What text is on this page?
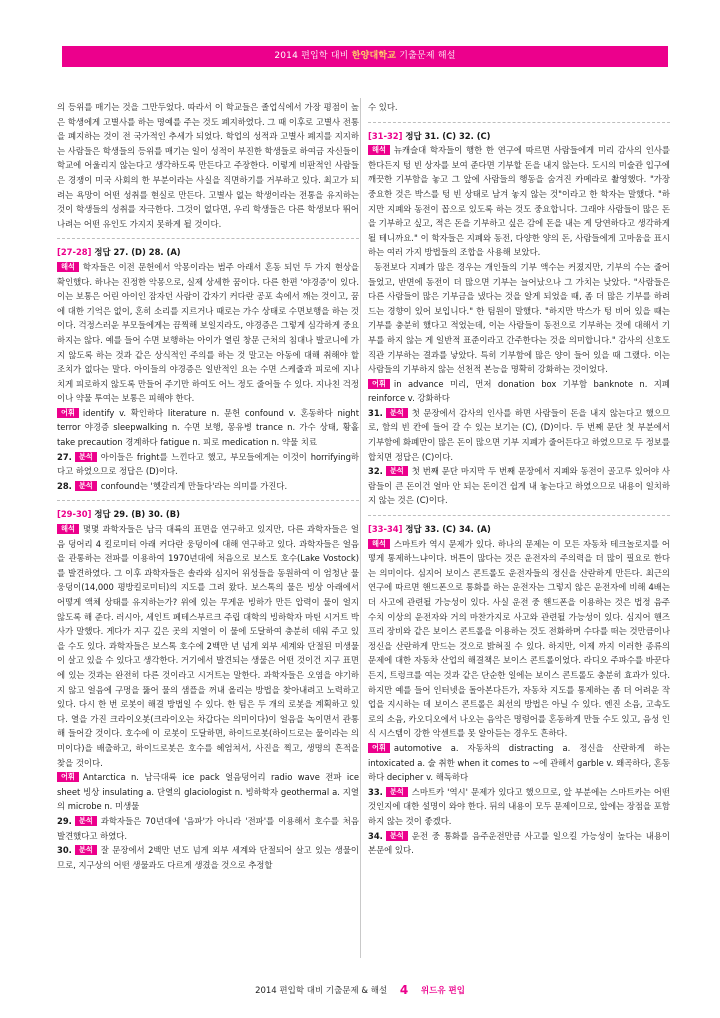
2014 편입학 대비 한양대학교 기출문제 해설

의 등위를 매기는 것을 그만두었다. 따라서 이 학교들은 졸업식에서 가장 평점이 높은 학생에게 고별사를 하는 명예를 주는 것도 폐지하였다. 그 때 이후로 고별사 전통을 폐지하는 것이 전 국가적인 추세가 되었다. 학업의 성적과 고별사 폐지를 지지하는 사람들은 학생들의 등위를 매기는 일이 성적이 부진한 학생들로 하여금 자신들이 학교에 어울리지 않는다고 생각하도록 만든다고 주장한다. 이렇게 비판적인 사람들은 경쟁이 미국 사회의 한 부분이라는 사실을 직면하기를 거부하고 있다. 최고가 되려는 욕망이 어떤 성취를 현실로 만든다. 고별사 없는 학생이라는 전통을 유지하는 것이 학생들의 성취를 자극한다. 그것이 없다면, 우리 학생들은 다른 학생보다 뛰어나려는 어떤 유인도 가지지 못하게 될 것이다.

[27-28] 정답 27. (D) 28. (A)

해석 학자들은 이전 문헌에서 악몽이라는 범주 아래서 혼동 되던 두 가지 현상을 확인했다. 하나는 진정한 악몽으로, 실제 상세한 꿈이다. 다른 한편 '야경증'이 있다. 이는 보통은 어린 아이인 잠자던 사람이 갑자기 커다란 공포 속에서 깨는 것이고, 꿈에 대한 기억은 없이, 혼히 소리를 지르거나 때로는 가수 상태로 수면보행을 하는 것이다. 걱정스러운 부모들에게는 끔찍해 보일지라도, 야경증은 그렇게 심각하게 중요하지는 않다. 예를 들어 수면 보행하는 아이가 열린 창문 근처의 침대나 발코니에 가지 않도록 하는 것과 같은 상식적인 주의를 하는 것 말고는 아동에 대해 취해야 할 조치가 없다는 말다. 아이들의 야경증은 일반적인 요는 수면 스케줄과 피로에 지나치게 피로하지 않도록 만들어 주기만 하여도 어느 정도 줄어들 수 있다. 지나친 걱정이나 약물 투여는 보통은 피해야 한다.

어휘 identify v. 확인하다 literature n. 문헌 confound v. 혼동하다 night terror 야경증 sleepwalking n. 수면 보행, 몽유병 trance n. 가수 상태, 황홀 take precaution 경계하다 fatigue n. 피로 medication n. 약물 치료

27. 분석 아이들은 fright를 느낀다고 했고, 부모들에게는 이것이 horrifying하다고 하였으므로 정답은 (D)이다.

28. 분석 confound는 '헷갈리게 만들다'라는 의미를 가진다.

[29-30] 정답 29. (B) 30. (B)

해석 몇몇 과학자들은 남극 대륙의 표면을 연구하고 있지만, 다른 과학자들은 얼음 덩어리 4 킬로미터 아래 커다란 웅덩이에 대해 연구하고 있다. 과학자들은 얼음을 관통하는 전파를 이용하여 1970년대에 처음으로 보스토 호수(Lake Vostock)를 발견하였다. 그 이후 과학자들은 솔라와 심지어 위성들을 동원하여 이 엄청난 물웅덩이(14,000 평방킬로미터)의 지도를 그려 왔다. 보스톡의 물은 빙상 아래에서 어떻게 액체 상태를 유지하는가? 위에 있는 무게운 빙하가 만든 압력이 물이 얼지 않도록 해 준다. 러시아, 세인트 페테스부르크 주립 대학의 빙하학자 마틴 시거트 박사가 말했다. 게다가 지구 깊은 곳의 지열이 이 물에 도달하여 충분히 데워 주고 있을 수도 있다. 과학자들은 보스톡 호수에 2백만 년 넘게 외부 세계와 단절된 미생물이 살고 있을 수 있다고 생각한다. 거기에서 발견되는 생물은 어떤 것이건 지구 표면에 있는 것과는 완전히 다른 것이라고 시거트는 말한다. 과학자들은 오염을 야기하지 않고 얼음에 구멍을 뚫어 물의 샘플을 꺼내 올리는 방법을 찾아내려고 노력하고 있다. 다시 한 번 로봇이 해결 방법일 수 있다. 한 팀은 두 개의 로봇을 계획하고 있다. 열을 가진 크라이오봇(크라이오는 차갑다는 의미이다)이 얼음을 녹이면서 관통해 들어갈 것이다. 호수에 이 로봇이 도달하면, 하이드로봇(하이드로는 물이라는 의미이다)을 배출하고, 하이드로봇은 호수를 헤엄쳐서, 사진을 찍고, 생명의 흔적을 찾을 것이다.

어휘 Antarctica n. 남극대륙 ice pack 얼음덩어리 radio wave 전파 ice sheet 빙상 insulating a. 단열의 glaciologist n. 빙하학자 geothermal a. 지열의 microbe n. 미생물

29. 분석 과학자들은 70년대에 '음파'가 아니라 '전파'를 이용해서 호수를 처음 발견했다고 하였다.

30. 분석 잘 문장에서 2백만 년도 넘게 외부 세계와 단절되어 살고 있는 생물이므로, 지구상의 어떤 생물과도 다르게 생겼을 것으로 추정할

수 있다.

[31-32] 정답 31. (C) 32. (C)

해석 뉴캐슬대 학자들이 행한 한 연구에 따르면 사람들에게 미리 감사의 인사를 한다든지 텅 빈 상자를 보여 준다면 기부할 돈을 내지 않는다. 도시의 미술관 입구에 깨끗한 기부함을 놓고 그 앞에 사람들의 행동을 숨겨진 카메라로 촬영했다. "가장 중요한 것은 박스를 텅 빈 상태로 남겨 놓지 않는 것"이라고 한 학자는 말했다. "하지만 지폐와 동전이 꼽으로 있도록 하는 것도 중요합니다. 그래야 사람들이 많은 돈을 기부하고 싶고, 적은 돈을 기부하고 싶은 감에 돈을 내는 게 당연하다고 생각하게 될 테니까요." 이 학자들은 지폐와 동전, 다양한 양의 돈, 사람들에게 고마움을 표시하는 여러 가지 방법들의 조합을 사용해 보았다.

동전보다 지폐가 많은 경우는 개인들의 기부 액수는 커졌지만, 기부의 수는 줄어들었고, 반면에 동전이 더 많으면 기부는 늘어났으나 그 가치는 낮았다. "사람들은 다른 사람들이 많은 기부금을 냈다는 것을 알게 되었을 때, 좀 더 많은 기부를 하려드는 경향이 있어 보입니다." 한 팀원이 말했다. "하지만 박스가 텅 비어 있을 때는 기부를 충분히 했다고 적었는데, 이는 사람들이 동전으로 기부하는 것에 대해서 기부를 하지 않는 게 일반적 표준이라고 간주한다는 것을 의미합니다." 감사의 신호도 직관 기부하는 결과를 낳았다. 특히 기부함에 많은 양이 들어 있을 때 그랬다. 이는 사람들의 기부하지 않는 선천적 본능을 명확히 강화하는 것이었다.

어휘 in advance 미리, 먼저 donation box 기부함 banknote n. 지폐 reinforce v. 강화하다

31. 분석 첫 문장에서 감사의 인사를 하면 사람들이 돈을 내지 않는다고 했으므로, 함의 빈 칸에 들어 갈 수 있는 보기는 (C), (D)이다. 두 번째 문단 첫 부분에서 기부함에 화폐만이 많은 돈이 많으면 기부 지폐가 줄어든다고 하였으므로 두 정보를 합치면 정답은 (C)이다.

32. 분석 첫 번째 문단 마지막 두 번째 문장에서 지폐와 동전이 골고루 있어야 사람들이 큰 돈이건 얼마 안 되는 돈이건 쉽게 내 놓는다고 하였으므로 내용이 일치하지 않는 것은 (C)이다.

[33-34] 정답 33. (C) 34. (A)

해석 스마트카 역시 문제가 있다. 하나의 문제는 이 모든 자동차 테크놀로지를 어떻게 통제하느냐이다. 버튼이 많다는 것은 운전자의 주의력을 더 많이 필요로 한다는 의미이다. 심지어 보이스 콘트롤도 운전자들의 정신을 산란하게 만든다. 최근의 연구에 따르면 핸드폰으로 통화를 하는 운전자는 그렇지 않은 운전자에 비해 4배는 더 사고에 관련될 가능성이 있다. 사실 운전 중 핸드폰을 이용하는 것은 법정 음주 수치 이상의 운전자와 거의 마찬가지로 사고와 관련될 가능성이 있다. 심지어 핸즈프리 장비와 같은 보이스 콘트롤을 이용하는 것도 전화하며 수다를 떠는 것만큼이나 정신을 산란하게 만드는 것으로 밝혀질 수 있다. 하지만, 이제 까지 이러한 종류의 문제에 대한 자동차 산업의 해결책은 보이스 콘트롤이었다. 라디오 주파수를 바꾼다든지, 트렁크를 여는 것과 같은 단순한 일에는 보이스 콘트롤도 충분히 효과가 있다. 하지만 예를 들어 인터넷을 돌아본다든가, 자동차 지도를 통제하는 좀 더 어려운 작업을 지시하는 데 보이스 콘트롤은 최선의 방법은 아닐 수 있다. 엔진 소음, 고속도로의 소음, 카오디오에서 나오는 음악은 명령어를 혼동하게 만들 수도 있고, 음성 인식 시스템이 강한 악센트를 못 알아듣는 경우도 흔하다.

어휘 automotive a. 자동차의 distracting a. 정신을 산란하게 하는 intoxicated a. 술 취한 when it comes to ~에 관해서 garble v. 왜곡하다, 혼동하다 decipher v. 해독하다

33. 분석 스마트카 '역시' 문제가 있다고 했으므로, 앞 부분에는 스마트카는 어떤 것인지에 대한 설명이 와야 한다. 뒤의 내용이 모두 문제이므로, 앞에는 장점을 포함하지 않는 것이 좋겠다.

34. 분석 운전 중 통화를 음주운전만큼 사고를 일으킬 가능성이 높다는 내용이 본문에 있다.

2014 편입학 대비 기출문제 & 해설 4 위드유 편입
